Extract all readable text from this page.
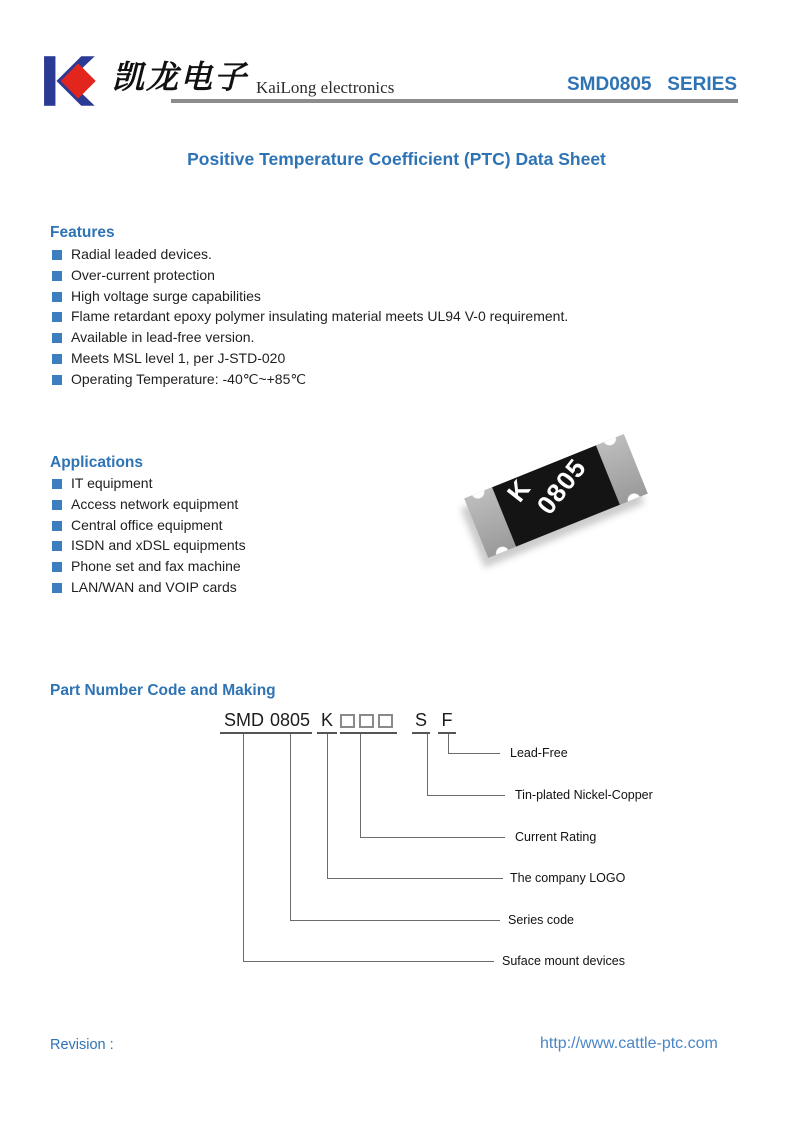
凯龙电子 KaiLong electronics	SMD0805   SERIES
Positive Temperature Coefficient (PTC) Data Sheet
Features
Radial leaded devices.
Over-current protection
High voltage surge capabilities
Flame retardant epoxy polymer insulating material meets UL94 V-0 requirement.
Available in lead-free version.
Meets MSL level 1, per J-STD-020
Operating Temperature: -40℃~+85℃
Applications
IT equipment
Access network equipment
Central office equipment
ISDN and xDSL equipments
Phone set and fax machine
LAN/WAN and VOIP cards
K
0805
Part Number Code and Making
SMD 0805 K	S F
Lead-Free
Tin-plated Nickel-Copper
Current Rating
The company LOGO
Series code
Suface mount devices
Revision :	http://www.cattle-ptc.com
